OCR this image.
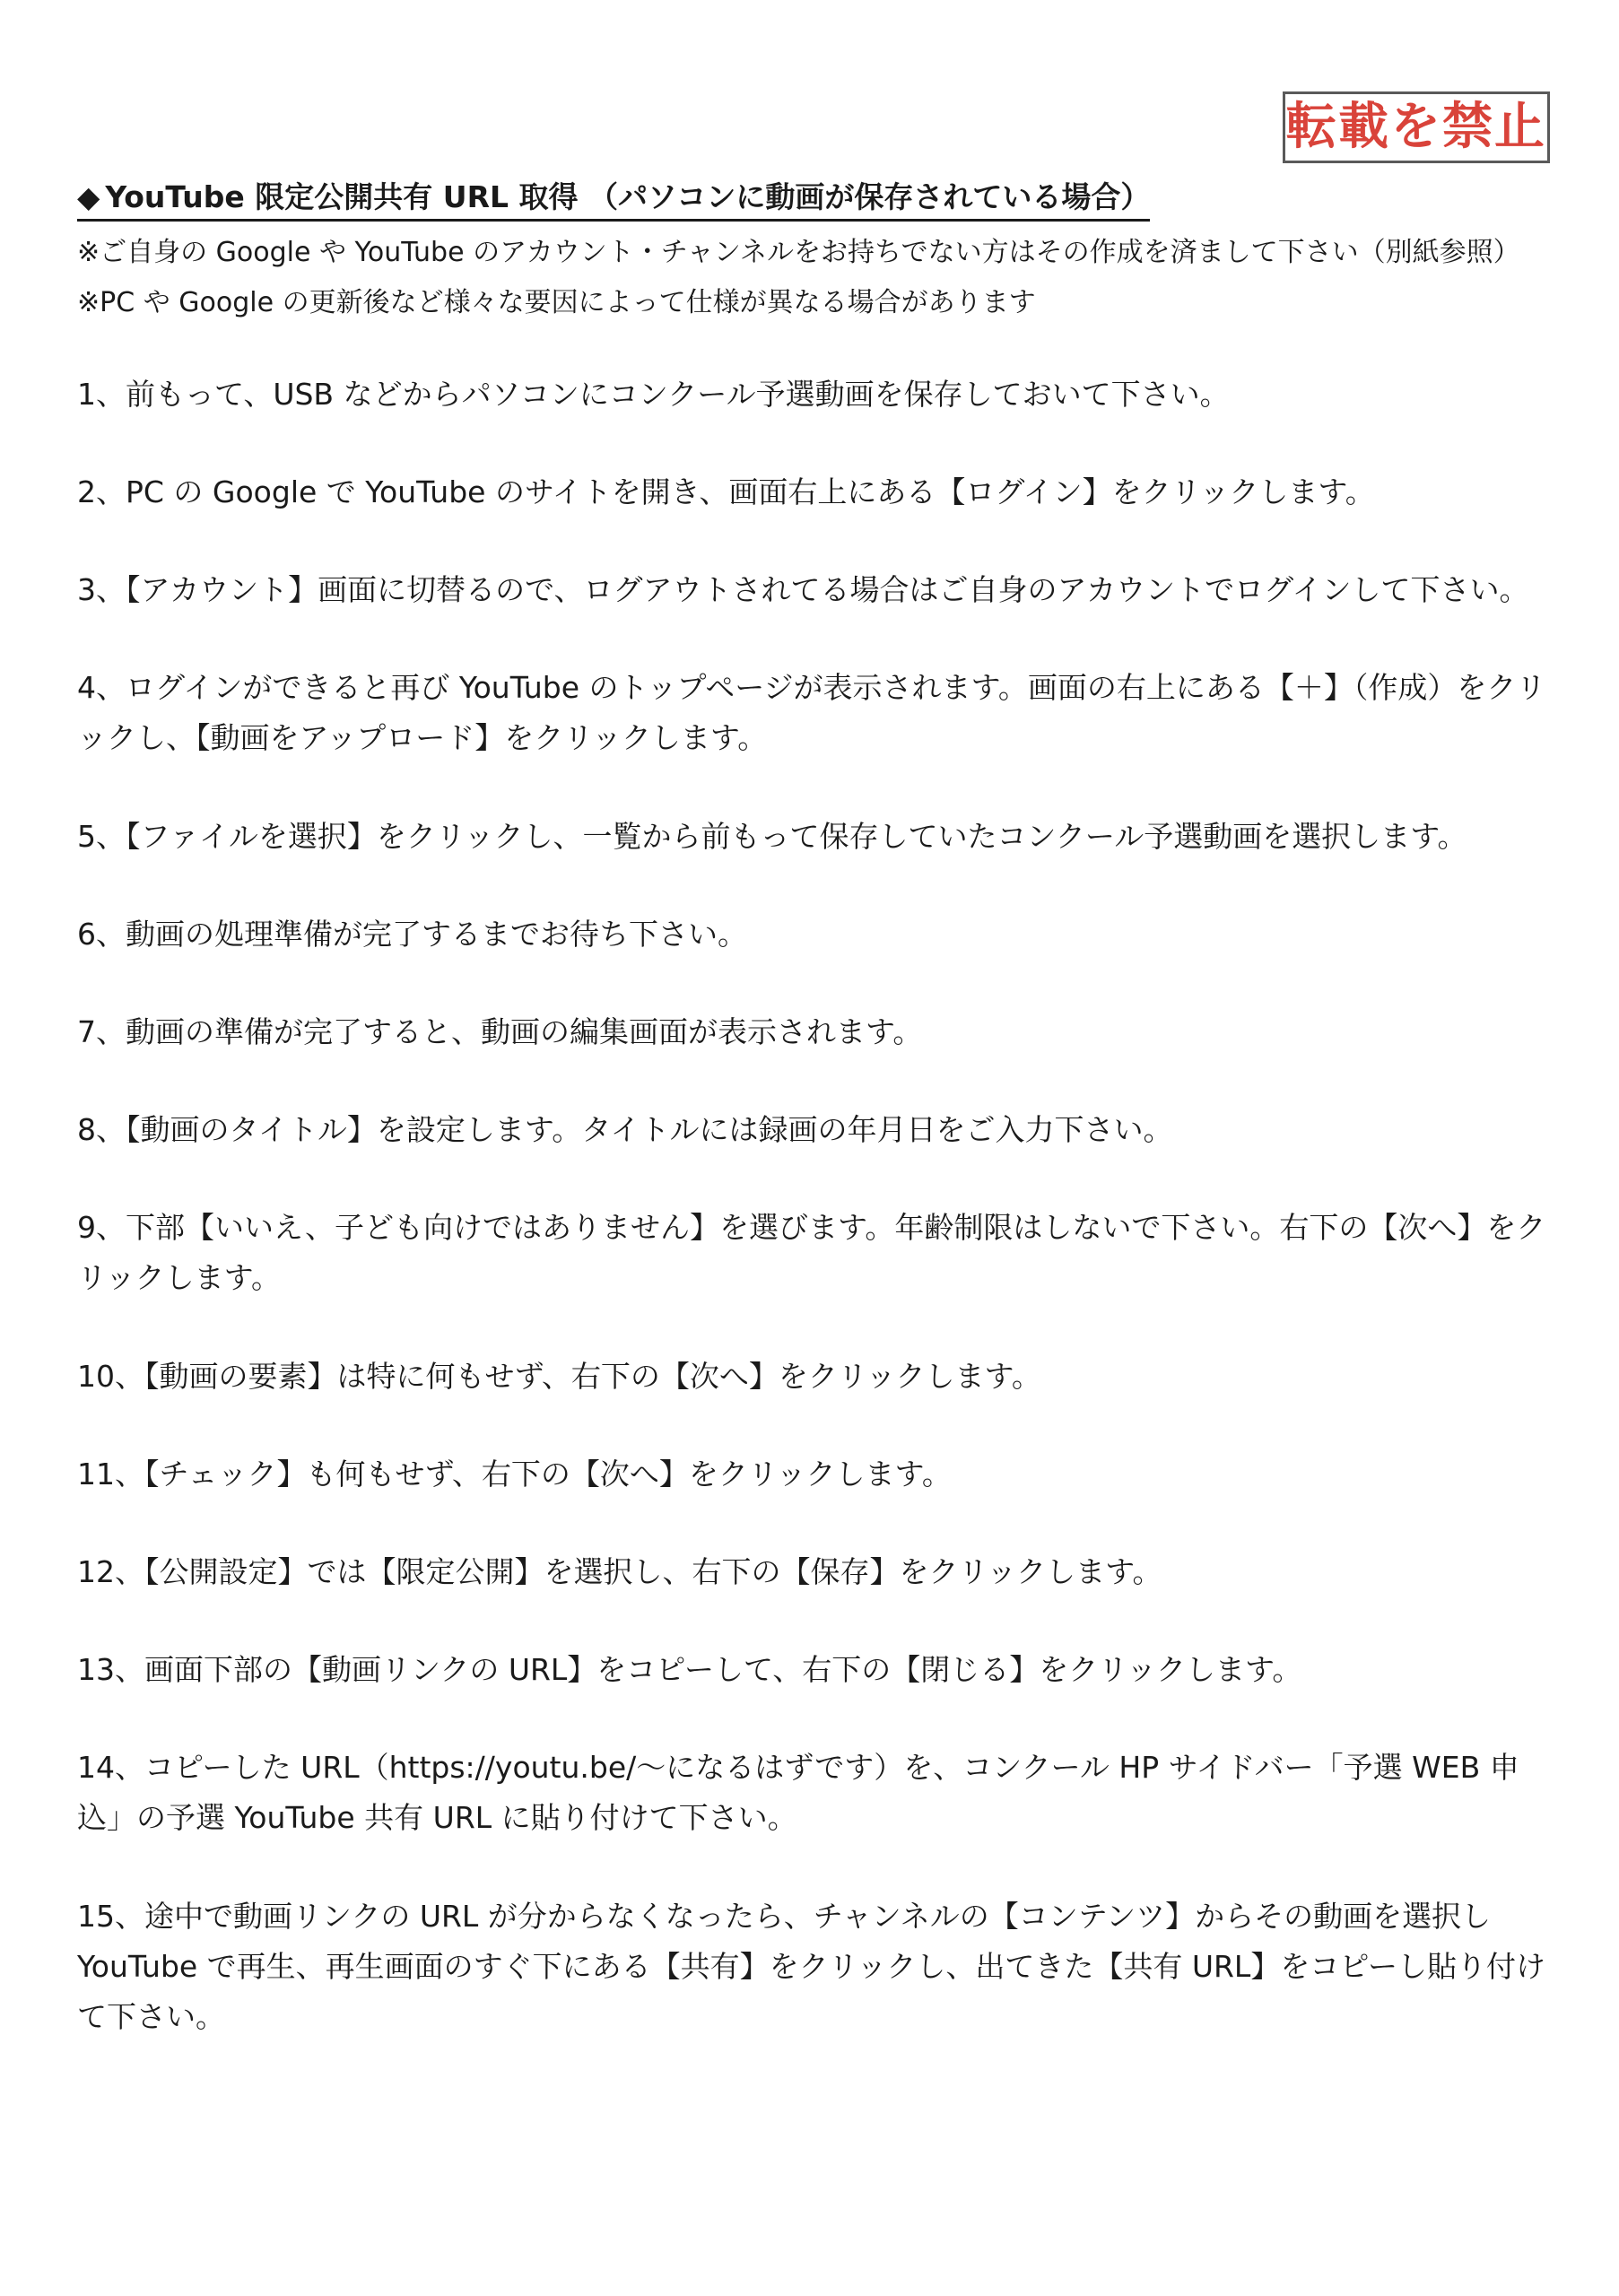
転載を禁止
◆ YouTube 限定公開共有 URL 取得 （パソコンに動画が保存されている場合）
※ご自身の Google や YouTube のアカウント・チャンネルをお持ちでない方はその作成を済まして下さい（別紙参照）
※PC や Google の更新後など様々な要因によって仕様が異なる場合があります
1、前もって、USB などからパソコンにコンクール予選動画を保存しておいて下さい。
2、PC の Google で YouTube のサイトを開き、画面右上にある【ログイン】をクリックします。
3、【アカウント】画面に切替るので、ログアウトされてる場合はご自身のアカウントでログインして下さい。
4、ログインができると再び YouTube のトップページが表示されます。画面の右上にある【＋】（作成）をクリックし、【動画をアップロード】をクリックします。
5、【ファイルを選択】をクリックし、一覧から前もって保存していたコンクール予選動画を選択します。
6、動画の処理準備が完了するまでお待ち下さい。
7、動画の準備が完了すると、動画の編集画面が表示されます。
8、【動画のタイトル】を設定します。タイトルには録画の年月日をご入力下さい。
9、下部【いいえ、子ども向けではありません】を選びます。年齢制限はしないで下さい。右下の【次へ】をクリックします。
10、【動画の要素】は特に何もせず、右下の【次へ】をクリックします。
11、【チェック】も何もせず、右下の【次へ】をクリックします。
12、【公開設定】では【限定公開】を選択し、右下の【保存】をクリックします。
13、画面下部の【動画リンクの URL】をコピーして、右下の【閉じる】をクリックします。
14、コピーした URL（https://youtu.be/～になるはずです）を、コンクール HP サイドバー「予選 WEB 申込」の予選 YouTube 共有 URL に貼り付けて下さい。
15、途中で動画リンクの URL が分からなくなったら、チャンネルの【コンテンツ】からその動画を選択し YouTube で再生、再生画面のすぐ下にある【共有】をクリックし、出てきた【共有 URL】をコピーし貼り付けて下さい。
